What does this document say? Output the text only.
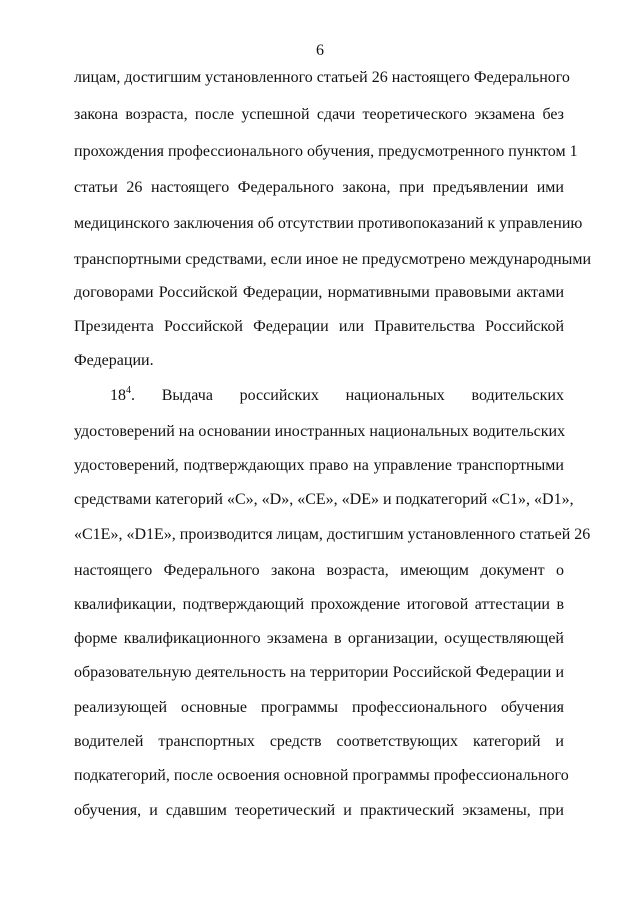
6
лицам, достигшим установленного статьей 26 настоящего Федерального
закона возраста, после успешной сдачи теоретического экзамена без
прохождения профессионального обучения, предусмотренного пунктом 1
статьи 26 настоящего Федерального закона, при предъявлении ими
медицинского заключения об отсутствии противопоказаний к управлению
транспортными средствами, если иное не предусмотрено международными
договорами Российской Федерации, нормативными правовыми актами
Президента Российской Федерации или Правительства Российской
Федерации.
$18^4$. Выдача российских национальных водительских
удостоверений на основании иностранных национальных водительских
удостоверений, подтверждающих право на управление транспортными
средствами категорий «C», «D», «CE», «DE» и подкатегорий «C1», «D1»,
«C1E», «D1E», производится лицам, достигшим установленного статьей 26
настоящего Федерального закона возраста, имеющим документ о
квалификации, подтверждающий прохождение итоговой аттестации в
форме квалификационного экзамена в организации, осуществляющей
образовательную деятельность на территории Российской Федерации и
реализующей основные программы профессионального обучения
водителей транспортных средств соответствующих категорий и
подкатегорий, после освоения основной программы профессионального
обучения, и сдавшим теоретический и практический экзамены, при
